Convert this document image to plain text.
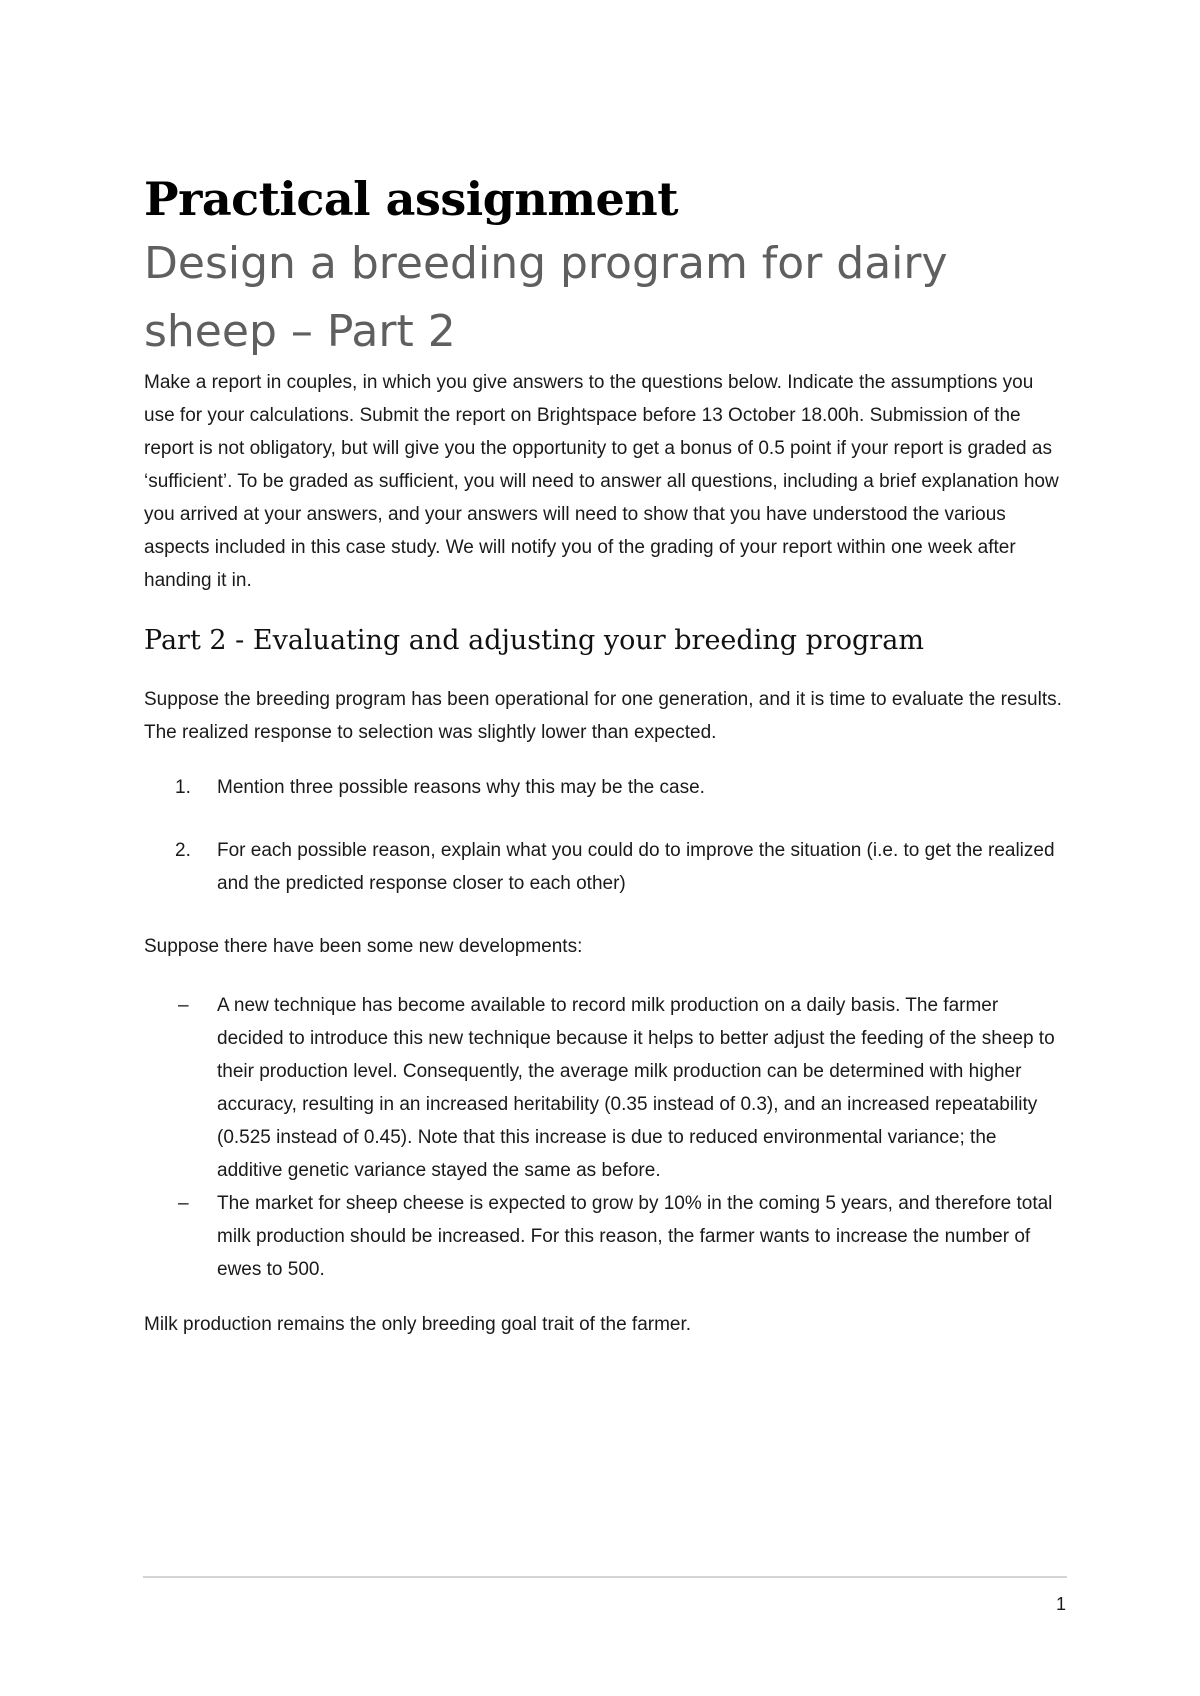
Practical assignment
Design a breeding program for dairy sheep – Part 2

Make a report in couples, in which you give answers to the questions below. Indicate the assumptions you use for your calculations. Submit the report on Brightspace before 13 October 18.00h. Submission of the report is not obligatory, but will give you the opportunity to get a bonus of 0.5 point if your report is graded as ‘sufficient’. To be graded as sufficient, you will need to answer all questions, including a brief explanation how you arrived at your answers, and your answers will need to show that you have understood the various aspects included in this case study. We will notify you of the grading of your report within one week after handing it in.

Part 2 - Evaluating and adjusting your breeding program

Suppose the breeding program has been operational for one generation, and it is time to evaluate the results. The realized response to selection was slightly lower than expected.

1. Mention three possible reasons why this may be the case.
2. For each possible reason, explain what you could do to improve the situation (i.e. to get the realized and the predicted response closer to each other)

Suppose there have been some new developments:

– A new technique has become available to record milk production on a daily basis. The farmer decided to introduce this new technique because it helps to better adjust the feeding of the sheep to their production level. Consequently, the average milk production can be determined with higher accuracy, resulting in an increased heritability (0.35 instead of 0.3), and an increased repeatability (0.525 instead of 0.45). Note that this increase is due to reduced environmental variance; the additive genetic variance stayed the same as before.
– The market for sheep cheese is expected to grow by 10% in the coming 5 years, and therefore total milk production should be increased. For this reason, the farmer wants to increase the number of ewes to 500.

Milk production remains the only breeding goal trait of the farmer.

1
